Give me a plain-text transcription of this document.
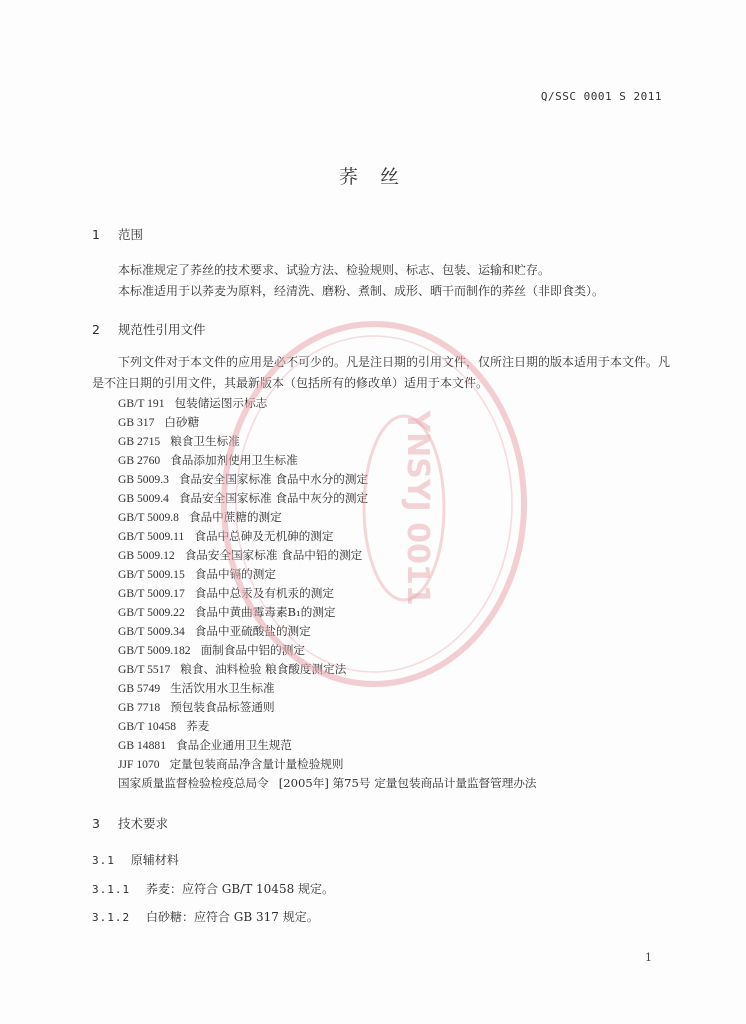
Q/SSC 0001 S 2011
荞 丝
1 范围
本标准规定了荞丝的技术要求、试验方法、检验规则、标志、包装、运输和贮存。
本标准适用于以荞麦为原料，经清洗、磨粉、煮制、成形、晒干而制作的荞丝（非即食类）。
2 规范性引用文件
下列文件对于本文件的应用是必不可少的。凡是注日期的引用文件，仅所注日期的版本适用于本文件。凡是不注日期的引用文件，其最新版本（包括所有的修改单）适用于本文件。
GB/T 191 包装储运图示标志
GB 317 白砂糖
GB 2715 粮食卫生标准
GB 2760 食品添加剂使用卫生标准
GB 5009.3 食品安全国家标准 食品中水分的测定
GB 5009.4 食品安全国家标准 食品中灰分的测定
GB/T 5009.8 食品中蔗糖的测定
GB/T 5009.11 食品中总砷及无机砷的测定
GB 5009.12 食品安全国家标准 食品中铅的测定
GB/T 5009.15 食品中镉的测定
GB/T 5009.17 食品中总汞及有机汞的测定
GB/T 5009.22 食品中黄曲霉毒素B₁的测定
GB/T 5009.34 食品中亚硫酸盐的测定
GB/T 5009.182 面制食品中铝的测定
GB/T 5517 粮食、油料检验 粮食酸度测定法
GB 5749 生活饮用水卫生标准
GB 7718 预包装食品标签通则
GB/T 10458 荞麦
GB 14881 食品企业通用卫生规范
JJF 1070 定量包装商品净含量计量检验规则
国家质量监督检验检疫总局令 [2005年] 第75号 定量包装商品计量监督管理办法
3 技术要求
3.1 原辅材料
3.1.1 荞麦：应符合 GB/T 10458 规定。
3.1.2 白砂糖：应符合 GB 317 规定。
1
YNSYJ 0011
